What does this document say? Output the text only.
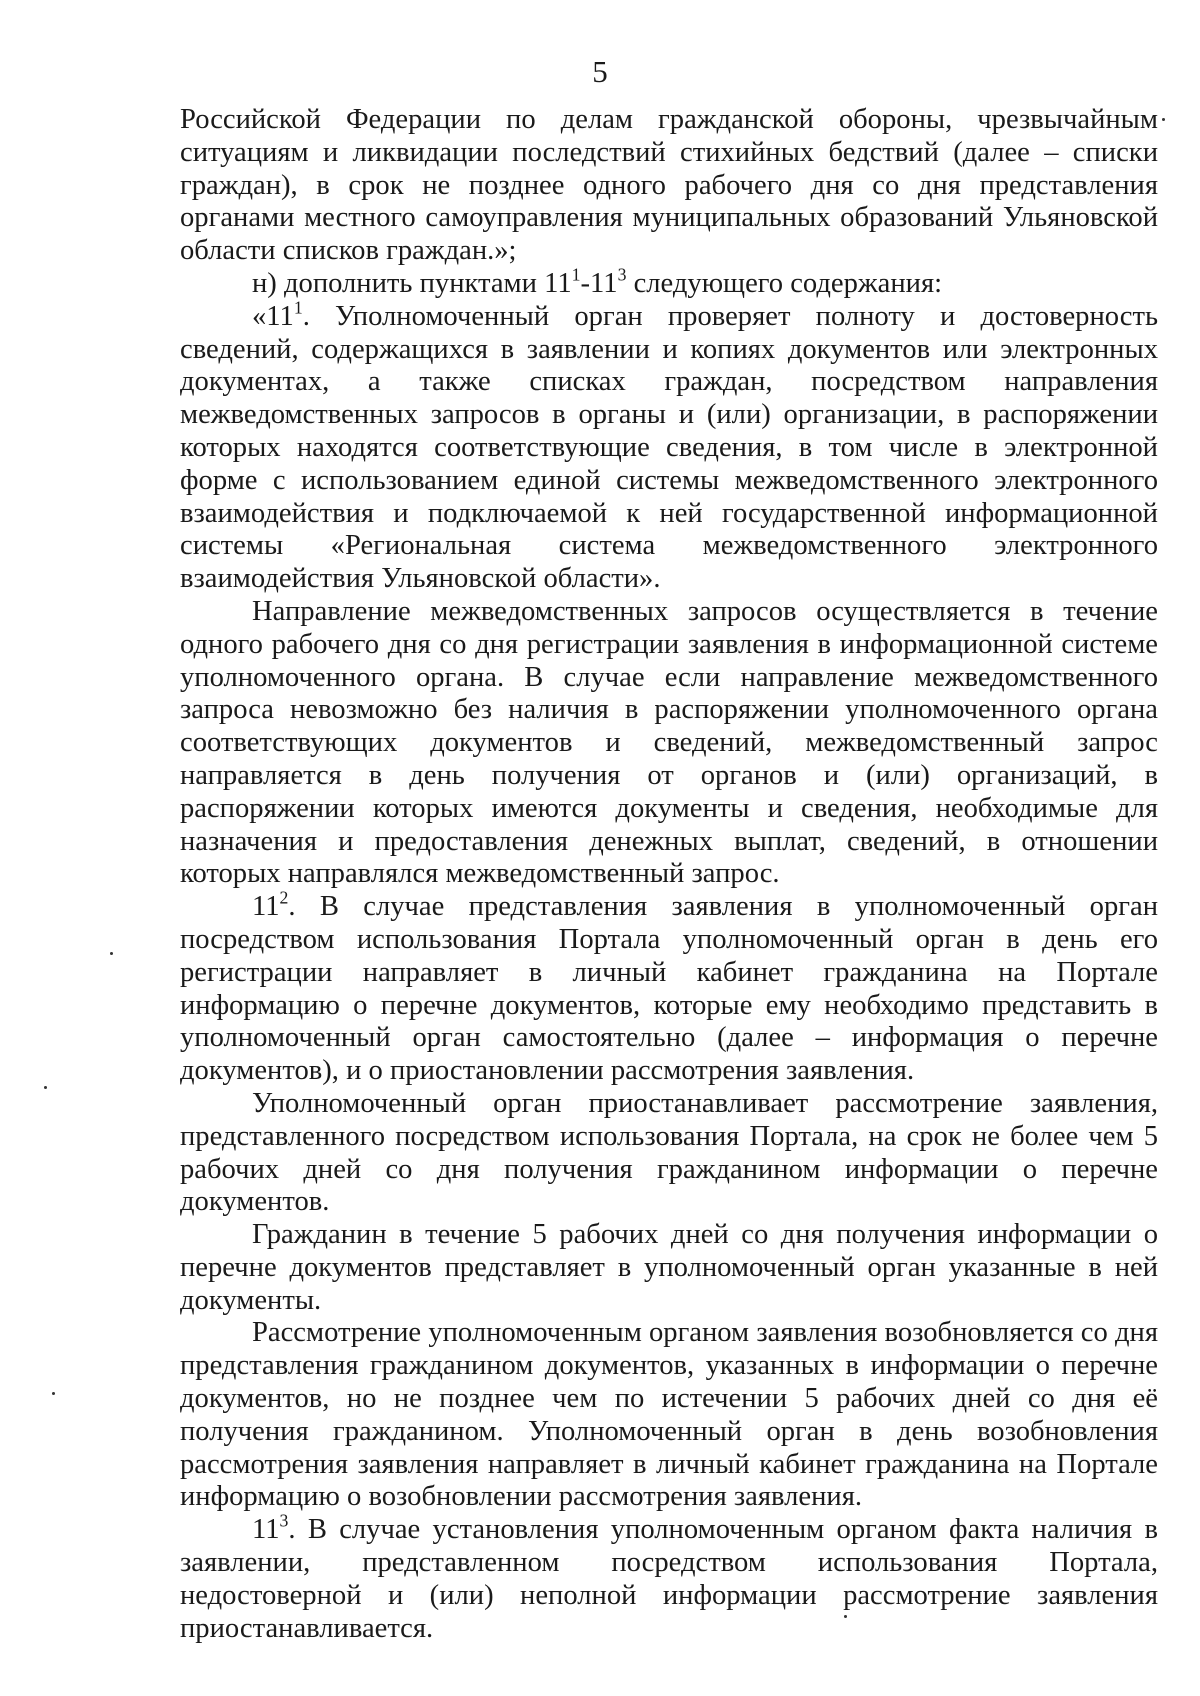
5

Российской Федерации по делам гражданской обороны, чрезвычайным ситуациям и ликвидации последствий стихийных бедствий (далее – списки граждан), в срок не позднее одного рабочего дня со дня представления органами местного самоуправления муниципальных образований Ульяновской области списков граждан.»;

н) дополнить пунктами $11^1-11^3$ следующего содержания:

«$11^1$. Уполномоченный орган проверяет полноту и достоверность сведений, содержащихся в заявлении и копиях документов или электронных документах, а также списках граждан, посредством направления межведомственных запросов в органы и (или) организации, в распоряжении которых находятся соответствующие сведения, в том числе в электронной форме с использованием единой системы межведомственного электронного взаимодействия и подключаемой к ней государственной информационной системы «Региональная система межведомственного электронного взаимодействия Ульяновской области».

Направление межведомственных запросов осуществляется в течение одного рабочего дня со дня регистрации заявления в информационной системе уполномоченного органа. В случае если направление межведомственного запроса невозможно без наличия в распоряжении уполномоченного органа соответствующих документов и сведений, межведомственный запрос направляется в день получения от органов и (или) организаций, в распоряжении которых имеются документы и сведения, необходимые для назначения и предоставления денежных выплат, сведений, в отношении которых направлялся межведомственный запрос.

$11^2$. В случае представления заявления в уполномоченный орган посредством использования Портала уполномоченный орган в день его регистрации направляет в личный кабинет гражданина на Портале информацию о перечне документов, которые ему необходимо представить в уполномоченный орган самостоятельно (далее – информация о перечне документов), и о приостановлении рассмотрения заявления.

Уполномоченный орган приостанавливает рассмотрение заявления, представленного посредством использования Портала, на срок не более чем 5 рабочих дней со дня получения гражданином информации о перечне документов.

Гражданин в течение 5 рабочих дней со дня получения информации о перечне документов представляет в уполномоченный орган указанные в ней документы.

Рассмотрение уполномоченным органом заявления возобновляется со дня представления гражданином документов, указанных в информации о перечне документов, но не позднее чем по истечении 5 рабочих дней со дня её получения гражданином. Уполномоченный орган в день возобновления рассмотрения заявления направляет в личный кабинет гражданина на Портале информацию о возобновлении рассмотрения заявления.

$11^3$. В случае установления уполномоченным органом факта наличия в заявлении, представленном посредством использования Портала, недостоверной и (или) неполной информации рассмотрение заявления приостанавливается.
